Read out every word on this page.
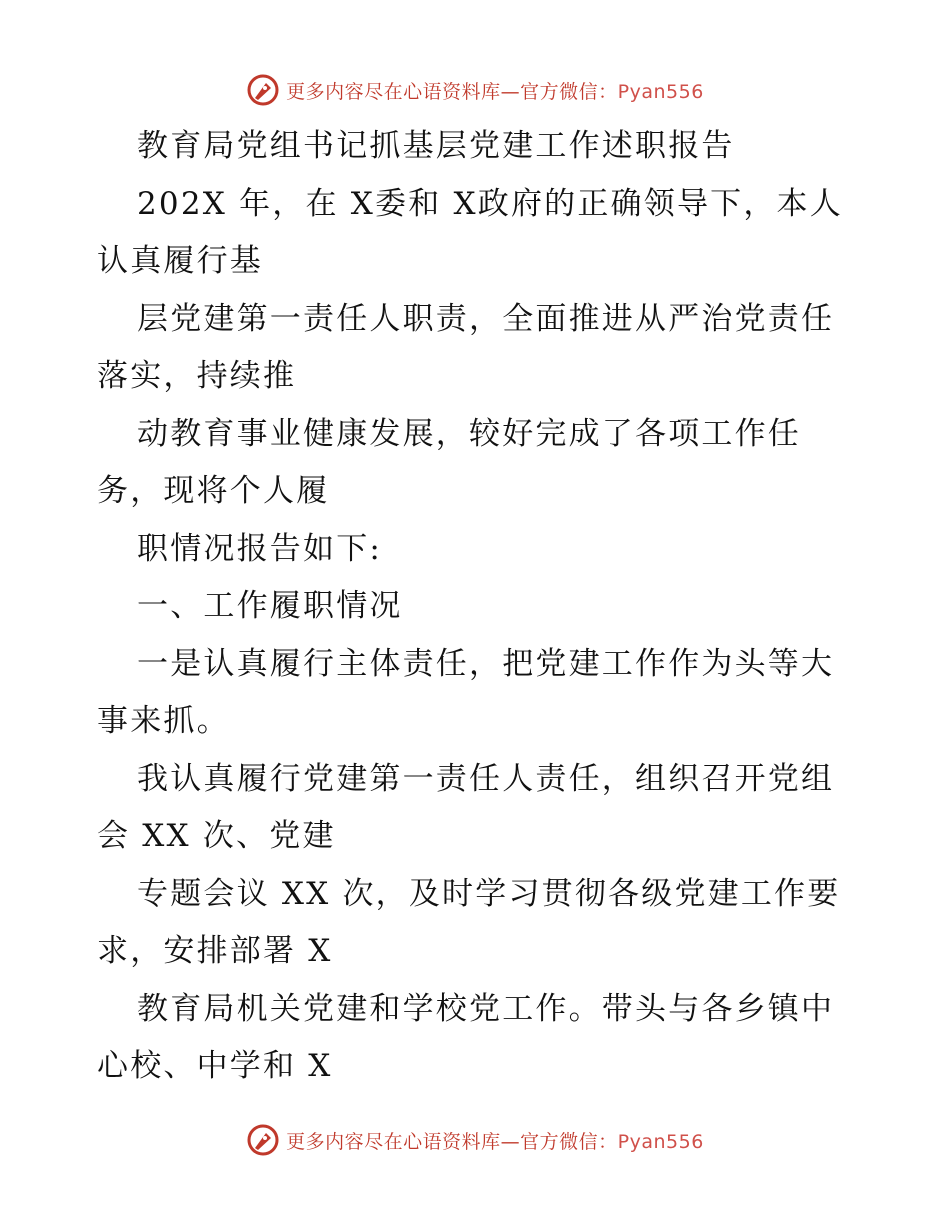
更多内容尽在心语资料库—官方微信：Pyan556
教育局党组书记抓基层党建工作述职报告
202X 年，在 X委和 X政府的正确领导下，本人
认真履行基
层党建第一责任人职责，全面推进从严治党责任
落实，持续推
动教育事业健康发展，较好完成了各项工作任
务，现将个人履
职情况报告如下:
一、工作履职情况
一是认真履行主体责任，把党建工作作为头等大
事来抓。
我认真履行党建第一责任人责任，组织召开党组
会 XX 次、党建
专题会议 XX 次，及时学习贯彻各级党建工作要
求，安排部署 X
教育局机关党建和学校党工作。带头与各乡镇中
心校、中学和 X
更多内容尽在心语资料库—官方微信：Pyan556
